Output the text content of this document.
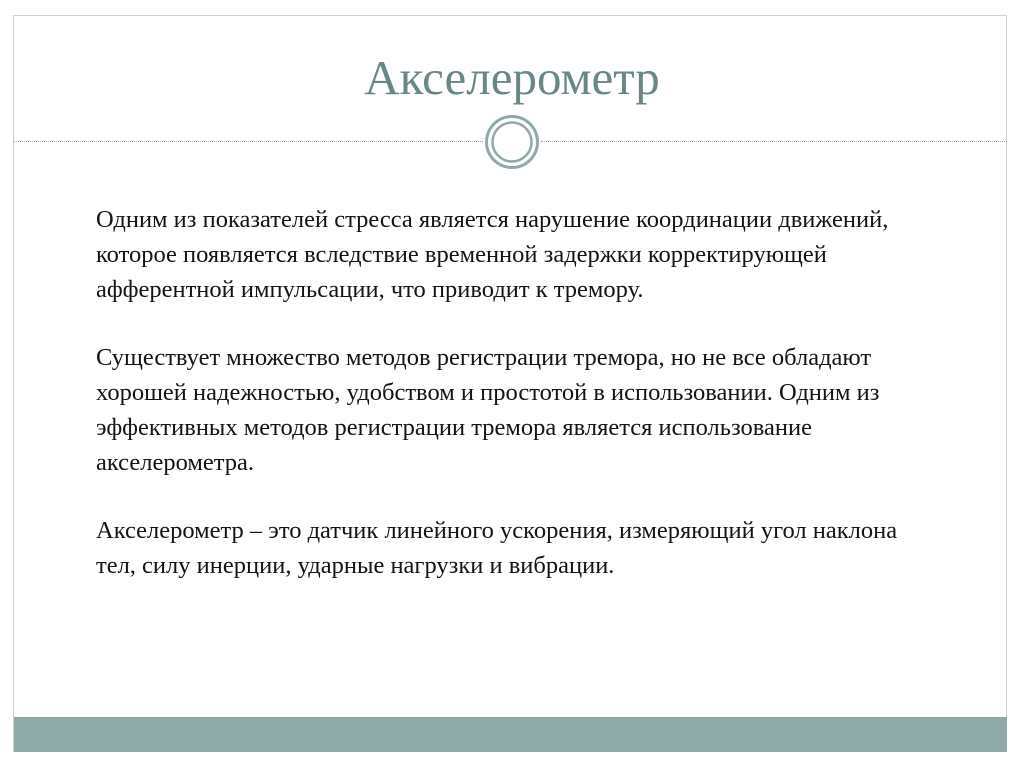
Акселерометр

Одним из показателей стресса является нарушение координации движений, которое появляется вследствие временной задержки корректирующей афферентной импульсации, что приводит к тремору.

Существует множество методов регистрации тремора, но не все обладают хорошей надежностью, удобством и простотой в использовании. Одним из эффективных методов регистрации тремора является использование акселерометра.

Акселерометр – это датчик линейного ускорения, измеряющий угол наклона тел, силу инерции, ударные нагрузки и вибрации.
